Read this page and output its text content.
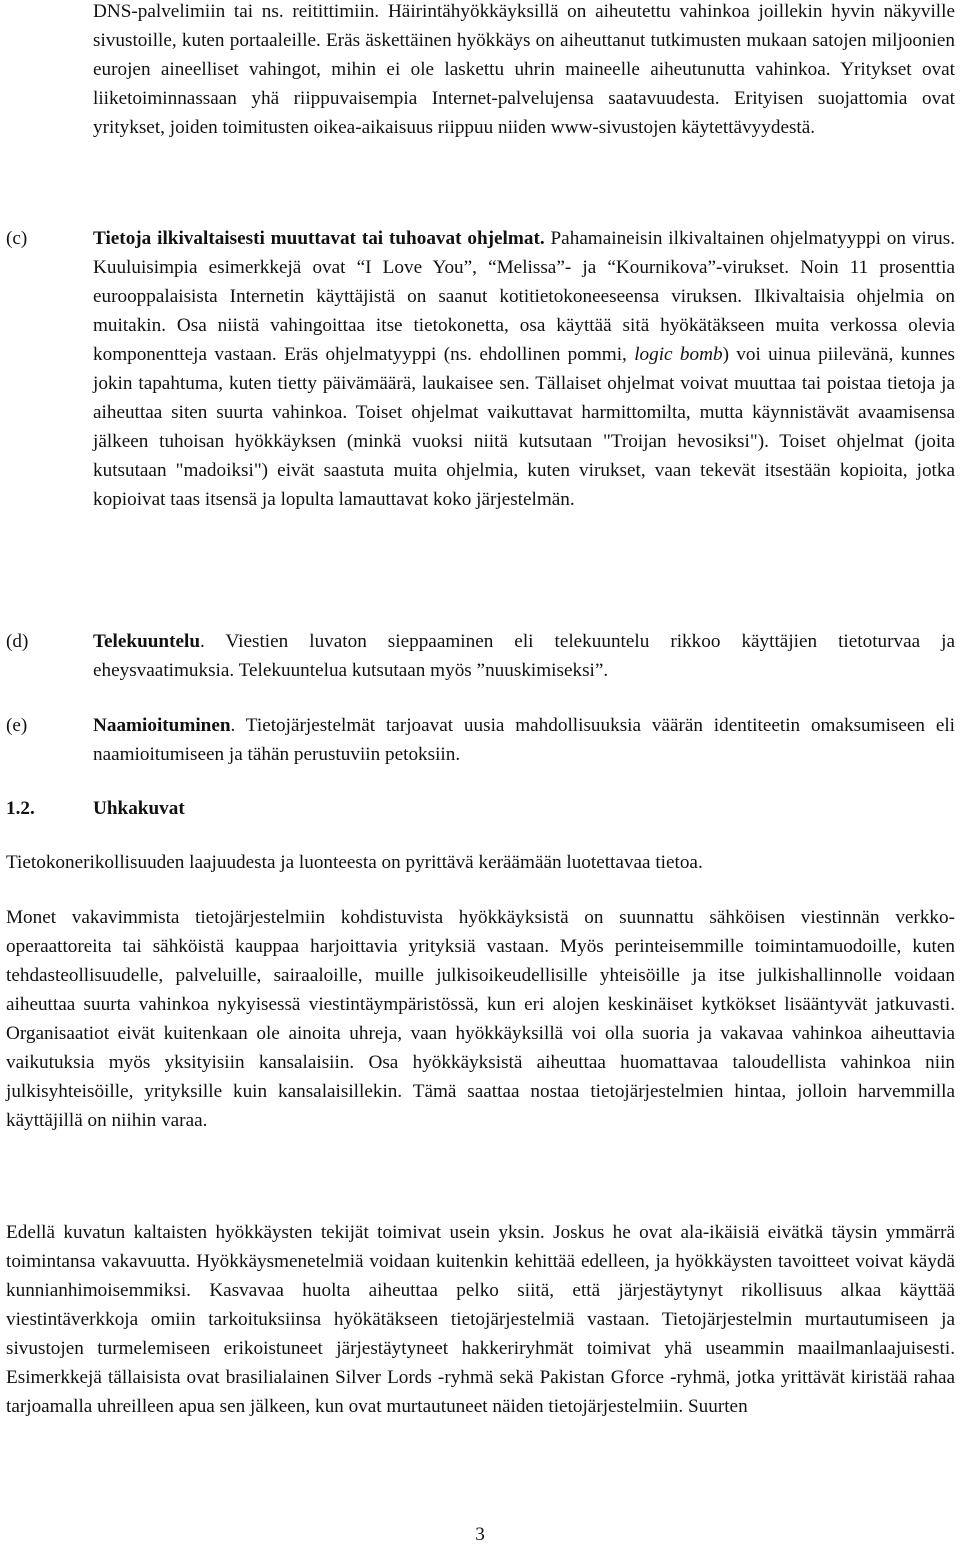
DNS-palvelimiin tai ns. reitittimiin. Häirintähyökkäyksillä on aiheutettu vahinkoa joillekin hyvin näkyville sivustoille, kuten portaaleille. Eräs äskettäinen hyökkäys on aiheuttanut tutkimusten mukaan satojen miljoonien eurojen aineelliset vahingot, mihin ei ole laskettu uhrin maineelle aiheutunutta vahinkoa. Yritykset ovat liiketoiminnassaan yhä riippuvaisempia Internet-palvelujensa saatavuudesta. Erityisen suojattomia ovat yritykset, joiden toimitusten oikea-aikaisuus riippuu niiden www-sivustojen käytettävyydestä.

(c)	Tietoja ilkivaltaisesti muuttavat tai tuhoavat ohjelmat. Pahamaineisin ilkivaltainen ohjelmatyyppi on virus. Kuuluisimpia esimerkkejä ovat “I Love You”, “Melissa”- ja “Kournikova”-virukset. Noin 11 prosenttia eurooppalaisista Internetin käyttäjistä on saanut kotitietokoneeseensa viruksen. Ilkivaltaisia ohjelmia on muitakin. Osa niistä vahingoittaa itse tietokonetta, osa käyttää sitä hyökätäkseen muita verkossa olevia komponentteja vastaan. Eräs ohjelmatyyppi (ns. ehdollinen pommi, logic bomb) voi uinua piilevänä, kunnes jokin tapahtuma, kuten tietty päivämäärä, laukaisee sen. Tällaiset ohjelmat voivat muuttaa tai poistaa tietoja ja aiheuttaa siten suurta vahinkoa. Toiset ohjelmat vaikuttavat harmittomilta, mutta käynnistävät avaamisensa jälkeen tuhoisan hyökkäyksen (minkä vuoksi niitä kutsutaan "Troijan hevosiksi"). Toiset ohjelmat (joita kutsutaan "madoiksi") eivät saastuta muita ohjelmia, kuten virukset, vaan tekevät itsestään kopioita, jotka kopioivat taas itsensä ja lopulta lamauttavat koko järjestelmän.

(d)	Telekuuntelu. Viestien luvaton sieppaaminen eli telekuuntelu rikkoo käyttäjien tietoturvaa ja eheysvaatimuksia. Telekuuntelua kutsutaan myös ”nuuskimiseksi”.

(e)	Naamioituminen. Tietojärjestelmät tarjoavat uusia mahdollisuuksia väärän identiteetin omaksumiseen eli naamioitumiseen ja tähän perustuviin petoksiin.

1.2.	Uhkakuvat

Tietokonerikollisuuden laajuudesta ja luonteesta on pyrittävä keräämään luotettavaa tietoa.

Monet vakavimmista tietojärjestelmiin kohdistuvista hyökkäyksistä on suunnattu sähköisen viestinnän verkko-operaattoreita tai sähköistä kauppaa harjoittavia yrityksiä vastaan. Myös perinteisemmille toimintamuodoille, kuten tehdasteollisuudelle, palveluille, sairaaloille, muille julkisoikeudellisille yhteisöille ja itse julkishallinnolle voidaan aiheuttaa suurta vahinkoa nykyisessä viestintäympäristössä, kun eri alojen keskinäiset kytkökset lisääntyvät jatkuvasti. Organisaatiot eivät kuitenkaan ole ainoita uhreja, vaan hyökkäyksillä voi olla suoria ja vakavaa vahinkoa aiheuttavia vaikutuksia myös yksityisiin kansalaisiin. Osa hyökkäyksistä aiheuttaa huomattavaa taloudellista vahinkoa niin julkisyhteisöille, yrityksille kuin kansalaisillekin. Tämä saattaa nostaa tietojärjestelmien hintaa, jolloin harvemmilla käyttäjillä on niihin varaa.

Edellä kuvatun kaltaisten hyökkäysten tekijät toimivat usein yksin. Joskus he ovat ala-ikäisiä eivätkä täysin ymmärrä toimintansa vakavuutta. Hyökkäysmenetelmiä voidaan kuitenkin kehittää edelleen, ja hyökkäysten tavoitteet voivat käydä kunnianhimoisemmiksi. Kasvavaa huolta aiheuttaa pelko siitä, että järjestäytynyt rikollisuus alkaa käyttää viestintäverkkoja omiin tarkoituksiinsa hyökätäkseen tietojärjestelmiä vastaan. Tietojärjestelmin murtautumiseen ja sivustojen turmelemiseen erikoistuneet järjestäytyneet hakkeriryhmät toimivat yhä useammin maailmanlaajuisesti. Esimerkkejä tällaisista ovat brasilialainen Silver Lords -ryhmä sekä Pakistan Gforce -ryhmä, jotka yrittävät kiristää rahaa tarjoamalla uhreilleen apua sen jälkeen, kun ovat murtautuneet näiden tietojärjestelmiin. Suurten

3
